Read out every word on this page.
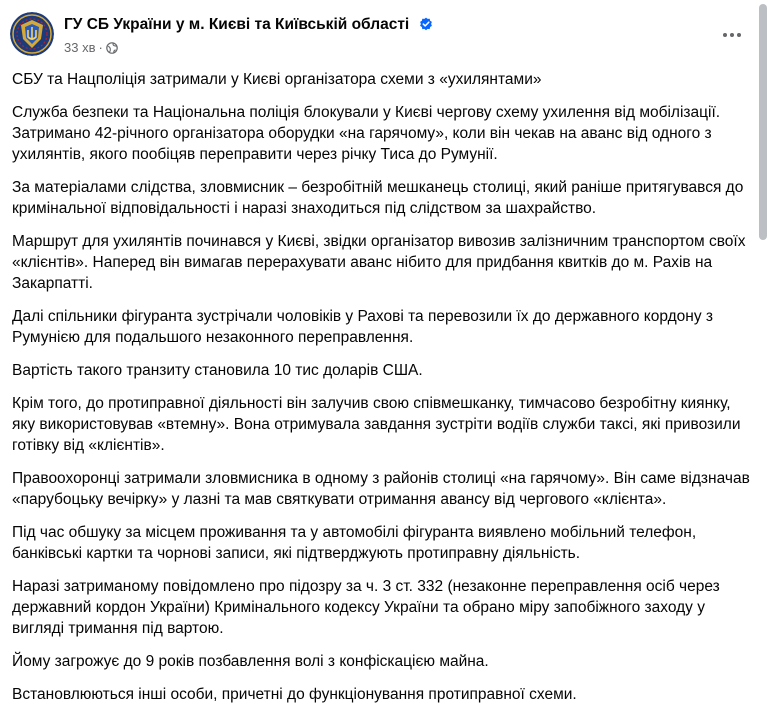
ГУ СБ України у м. Києві та Київській області
33 хв ·

СБУ та Нацполіція затримали у Києві організатора схеми з «ухилянтами»

Служба безпеки та Національна поліція блокували у Києві чергову схему ухилення від мобілізації. Затримано 42-річного організатора оборудки «на гарячому», коли він чекав на аванс від одного з ухилянтів, якого пообіцяв переправити через річку Тиса до Румунії.

За матеріалами слідства, зловмисник – безробітній мешканець столиці, який раніше притягувався до кримінальної відповідальності і наразі знаходиться під слідством за шахрайство.

Маршрут для ухилянтів починався у Києві, звідки організатор вивозив залізничним транспортом своїх «клієнтів». Наперед він вимагав перерахувати аванс нібито для придбання квитків до м. Рахів на Закарпатті.

Далі спільники фігуранта зустрічали чоловіків у Рахові та перевозили їх до державного кордону з Румунією для подальшого незаконного переправлення.

Вартість такого транзиту становила 10 тис доларів США.

Крім того, до протиправної діяльності він залучив свою співмешканку, тимчасово безробітну киянку, яку використовував «втемну». Вона отримувала завдання зустріти водіїв служби таксі, які привозили готівку від «клієнтів».

Правоохоронці затримали зловмисника в одному з районів столиці «на гарячому». Він саме відзначав «парубоцьку вечірку» у лазні та мав святкувати отримання авансу від чергового «клієнта».

Під час обшуку за місцем проживання та у автомобілі фігуранта виявлено мобільний телефон, банківські картки та чорнові записи, які підтверджують протиправну діяльність.

Наразі затриманому повідомлено про підозру за ч. 3 ст. 332 (незаконне переправлення осіб через державний кордон України) Кримінального кодексу України та обрано міру запобіжного заходу у вигляді тримання під вартою.

Йому загрожує до 9 років позбавлення волі з конфіскацією майна.

Встановлюються інші особи, причетні до функціонування протиправної схеми.
